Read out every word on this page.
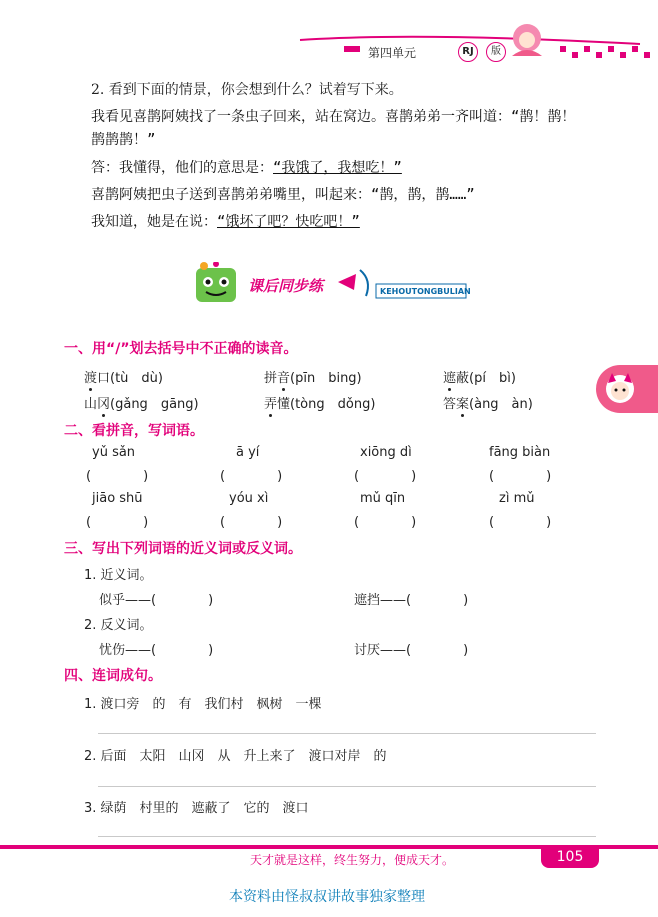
第四单元	RJ	版
2. 看到下面的情景，你会想到什么？试着写下来。
我看见喜鹊阿姨找了一条虫子回来，站在窝边。喜鹊弟弟一齐叫道：“鹊！鹊！
鹊鹊鹊！”
答：我懂得，他们的意思是：“我饿了，我想吃！”
喜鹊阿姨把虫子送到喜鹊弟弟嘴里，叫起来：“鹊，鹊，鹊……”
我知道，她是在说：“饿坏了吧？快吃吧！”
课后同步练	KEHOUTONGBULIAN
一、用“/”划去括号中不正确的读音。
渡口(tù　dù)	拼音(pīn　bing)	遮蔽(pí　bì)
山冈(gǎng　gāng)	弄懂(tòng　dǒng)	答案(àng　àn)
二、看拼音，写词语。
yǔ sǎn	ā yí	xiōng dì	fāng biàn
(　　　　)	(　　　　)	(　　　　)	(　　　　)
jiāo shū	yóu xì	mǔ qīn	zì mǔ
(　　　　)	(　　　　)	(　　　　)	(　　　　)
三、写出下列词语的近义词或反义词。
1. 近义词。
似乎——(　　　　)	遮挡——(　　　　)
2. 反义词。
忧伤——(　　　　)	讨厌——(　　　　)
四、连词成句。
1. 渡口旁　的　有　我们村　枫树　一棵
2. 后面　太阳　山冈　从　升上来了　渡口对岸　的
3. 绿荫　村里的　遮蔽了　它的　渡口
天才就是这样，终生努力，便成天才。	105
本资料由怪叔叔讲故事独家整理
